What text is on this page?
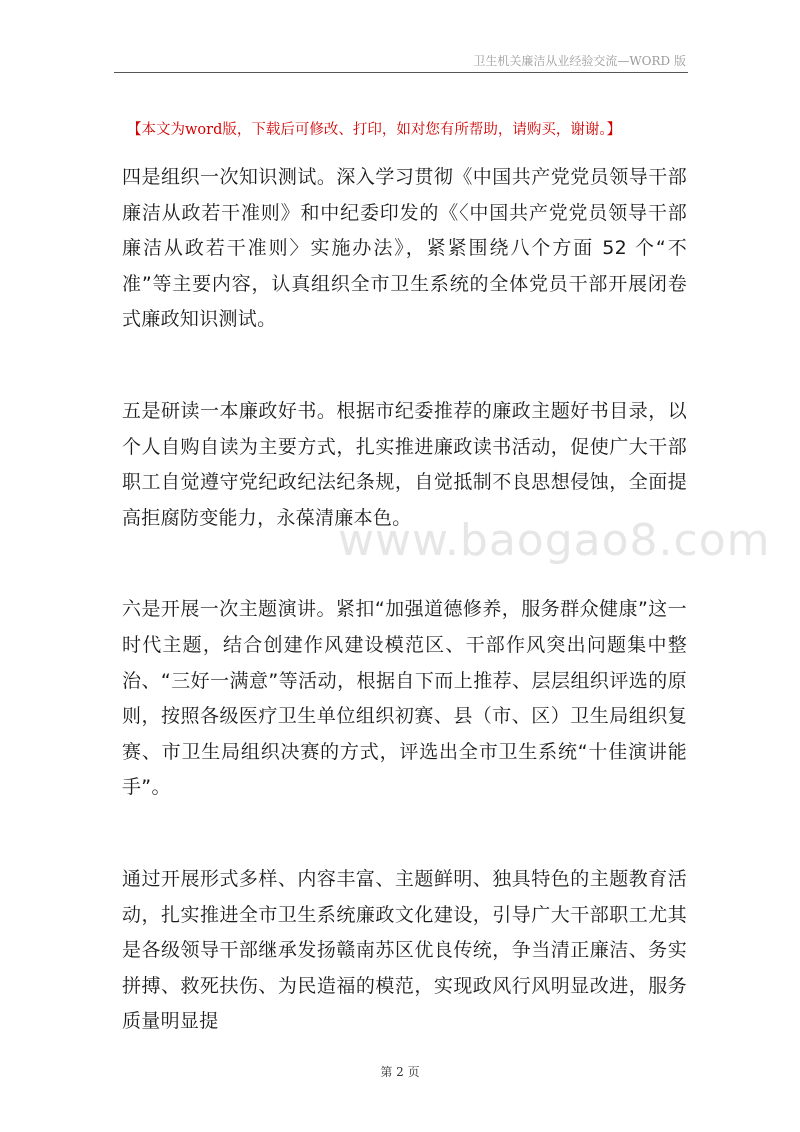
卫生机关廉洁从业经验交流—WORD 版
【本文为word版，下载后可修改、打印，如对您有所帮助，请购买，谢谢。】
www.baogao8.com

四是组织一次知识测试。深入学习贯彻《中国共产党党员领导干部廉洁从政若干准则》和中纪委印发的《〈中国共产党党员领导干部廉洁从政若干准则〉实施办法》，紧紧围绕八个方面 52 个“不准”等主要内容，认真组织全市卫生系统的全体党员干部开展闭卷式廉政知识测试。

五是研读一本廉政好书。根据市纪委推荐的廉政主题好书目录，以个人自购自读为主要方式，扎实推进廉政读书活动，促使广大干部职工自觉遵守党纪政纪法纪条规，自觉抵制不良思想侵蚀，全面提高拒腐防变能力，永葆清廉本色。

六是开展一次主题演讲。紧扣“加强道德修养，服务群众健康”这一时代主题，结合创建作风建设模范区、干部作风突出问题集中整治、“三好一满意”等活动，根据自下而上推荐、层层组织评选的原则，按照各级医疗卫生单位组织初赛、县（市、区）卫生局组织复赛、市卫生局组织决赛的方式，评选出全市卫生系统“十佳演讲能手”。

通过开展形式多样、内容丰富、主题鲜明、独具特色的主题教育活动，扎实推进全市卫生系统廉政文化建设，引导广大干部职工尤其是各级领导干部继承发扬赣南苏区优良传统，争当清正廉洁、务实拼搏、救死扶伤、为民造福的模范，实现政风行风明显改进，服务质量明显提

第 2 页
